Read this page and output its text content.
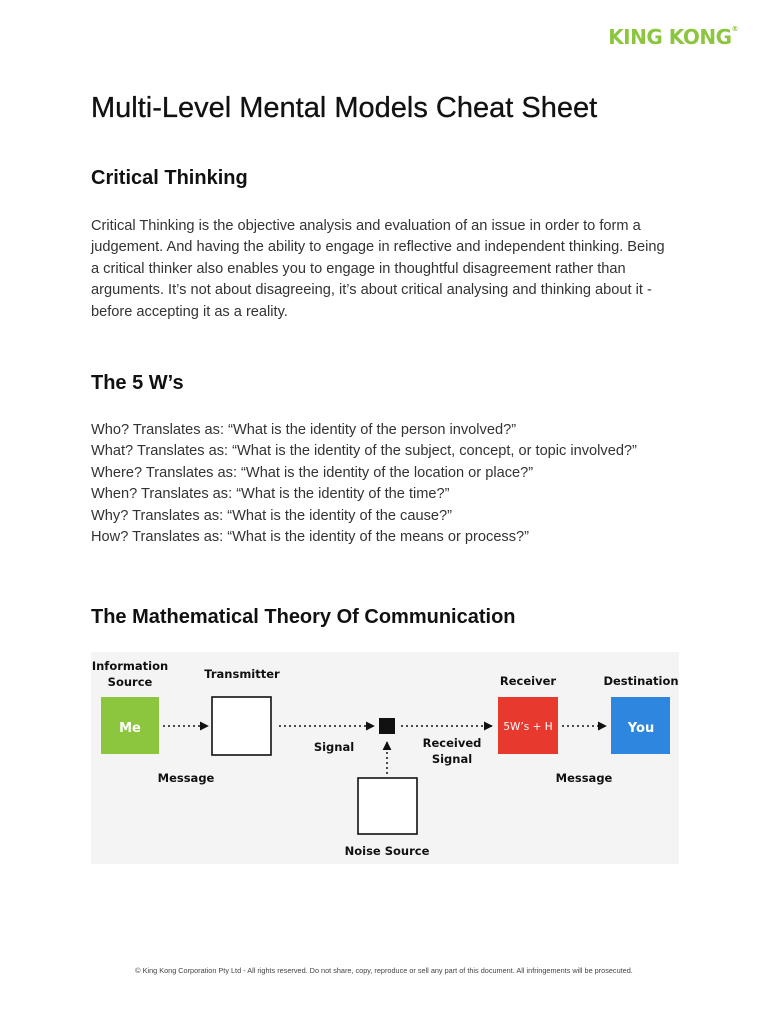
KING KONG®
Multi-Level Mental Models Cheat Sheet
Critical Thinking

Critical Thinking is the objective analysis and evaluation of an issue in order to form a judgement. And having the ability to engage in reflective and independent thinking. Being a critical thinker also enables you to engage in thoughtful disagreement rather than arguments. It’s not about disagreeing, it’s about critical analysing and thinking about it - before accepting it as a reality.

The 5 W’s
Who? Translates as: “What is the identity of the person involved?”
What? Translates as: “What is the identity of the subject, concept, or topic involved?”
Where? Translates as: “What is the identity of the location or place?”
When? Translates as: “What is the identity of the time?”
Why? Translates as: “What is the identity of the cause?”
How? Translates as: “What is the identity of the means or process?”
The Mathematical Theory Of Communication
Information
Source
Me
Message
Transmitter
Signal
Noise Source
Received
Signal
Receiver
5W’s + H
Message
Destination
You
© King Kong Corporation Pty Ltd - All rights reserved. Do not share, copy, reproduce or sell any part of this document. All infringements will be prosecuted.
